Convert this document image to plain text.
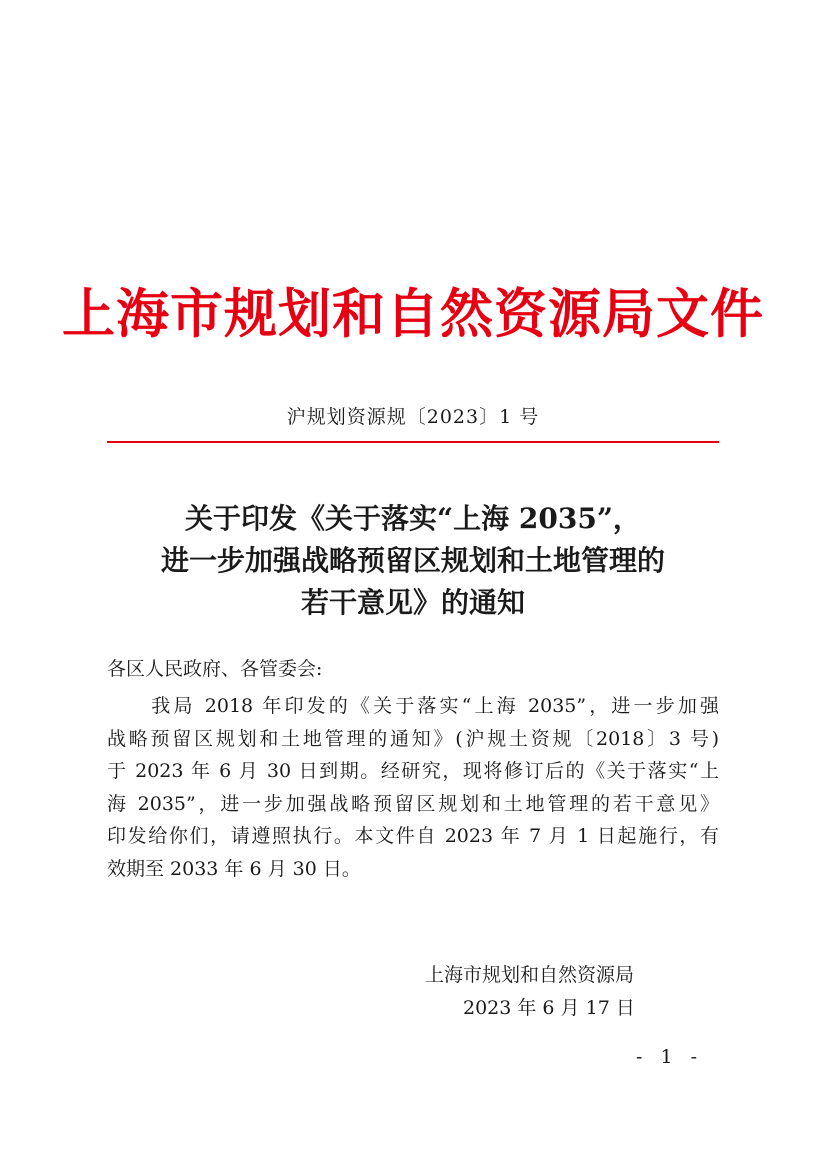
上海市规划和自然资源局文件
沪规划资源规〔2023〕1 号
关于印发《关于落实“上海 2035”，
进一步加强战略预留区规划和土地管理的
若干意见》的通知
各区人民政府、各管委会:
　　我局 2018 年印发的《关于落实“上海 2035”，进一步加强
战略预留区规划和土地管理的通知》(沪规土资规〔2018〕3 号)
于 2023 年 6 月 30 日到期。经研究，现将修订后的《关于落实“上
海 2035”，进一步加强战略预留区规划和土地管理的若干意见》
印发给你们，请遵照执行。本文件自 2023 年 7 月 1 日起施行，有
效期至 2033 年 6 月 30 日。
上海市规划和自然资源局
2023 年 6 月 17 日
- 1 -
